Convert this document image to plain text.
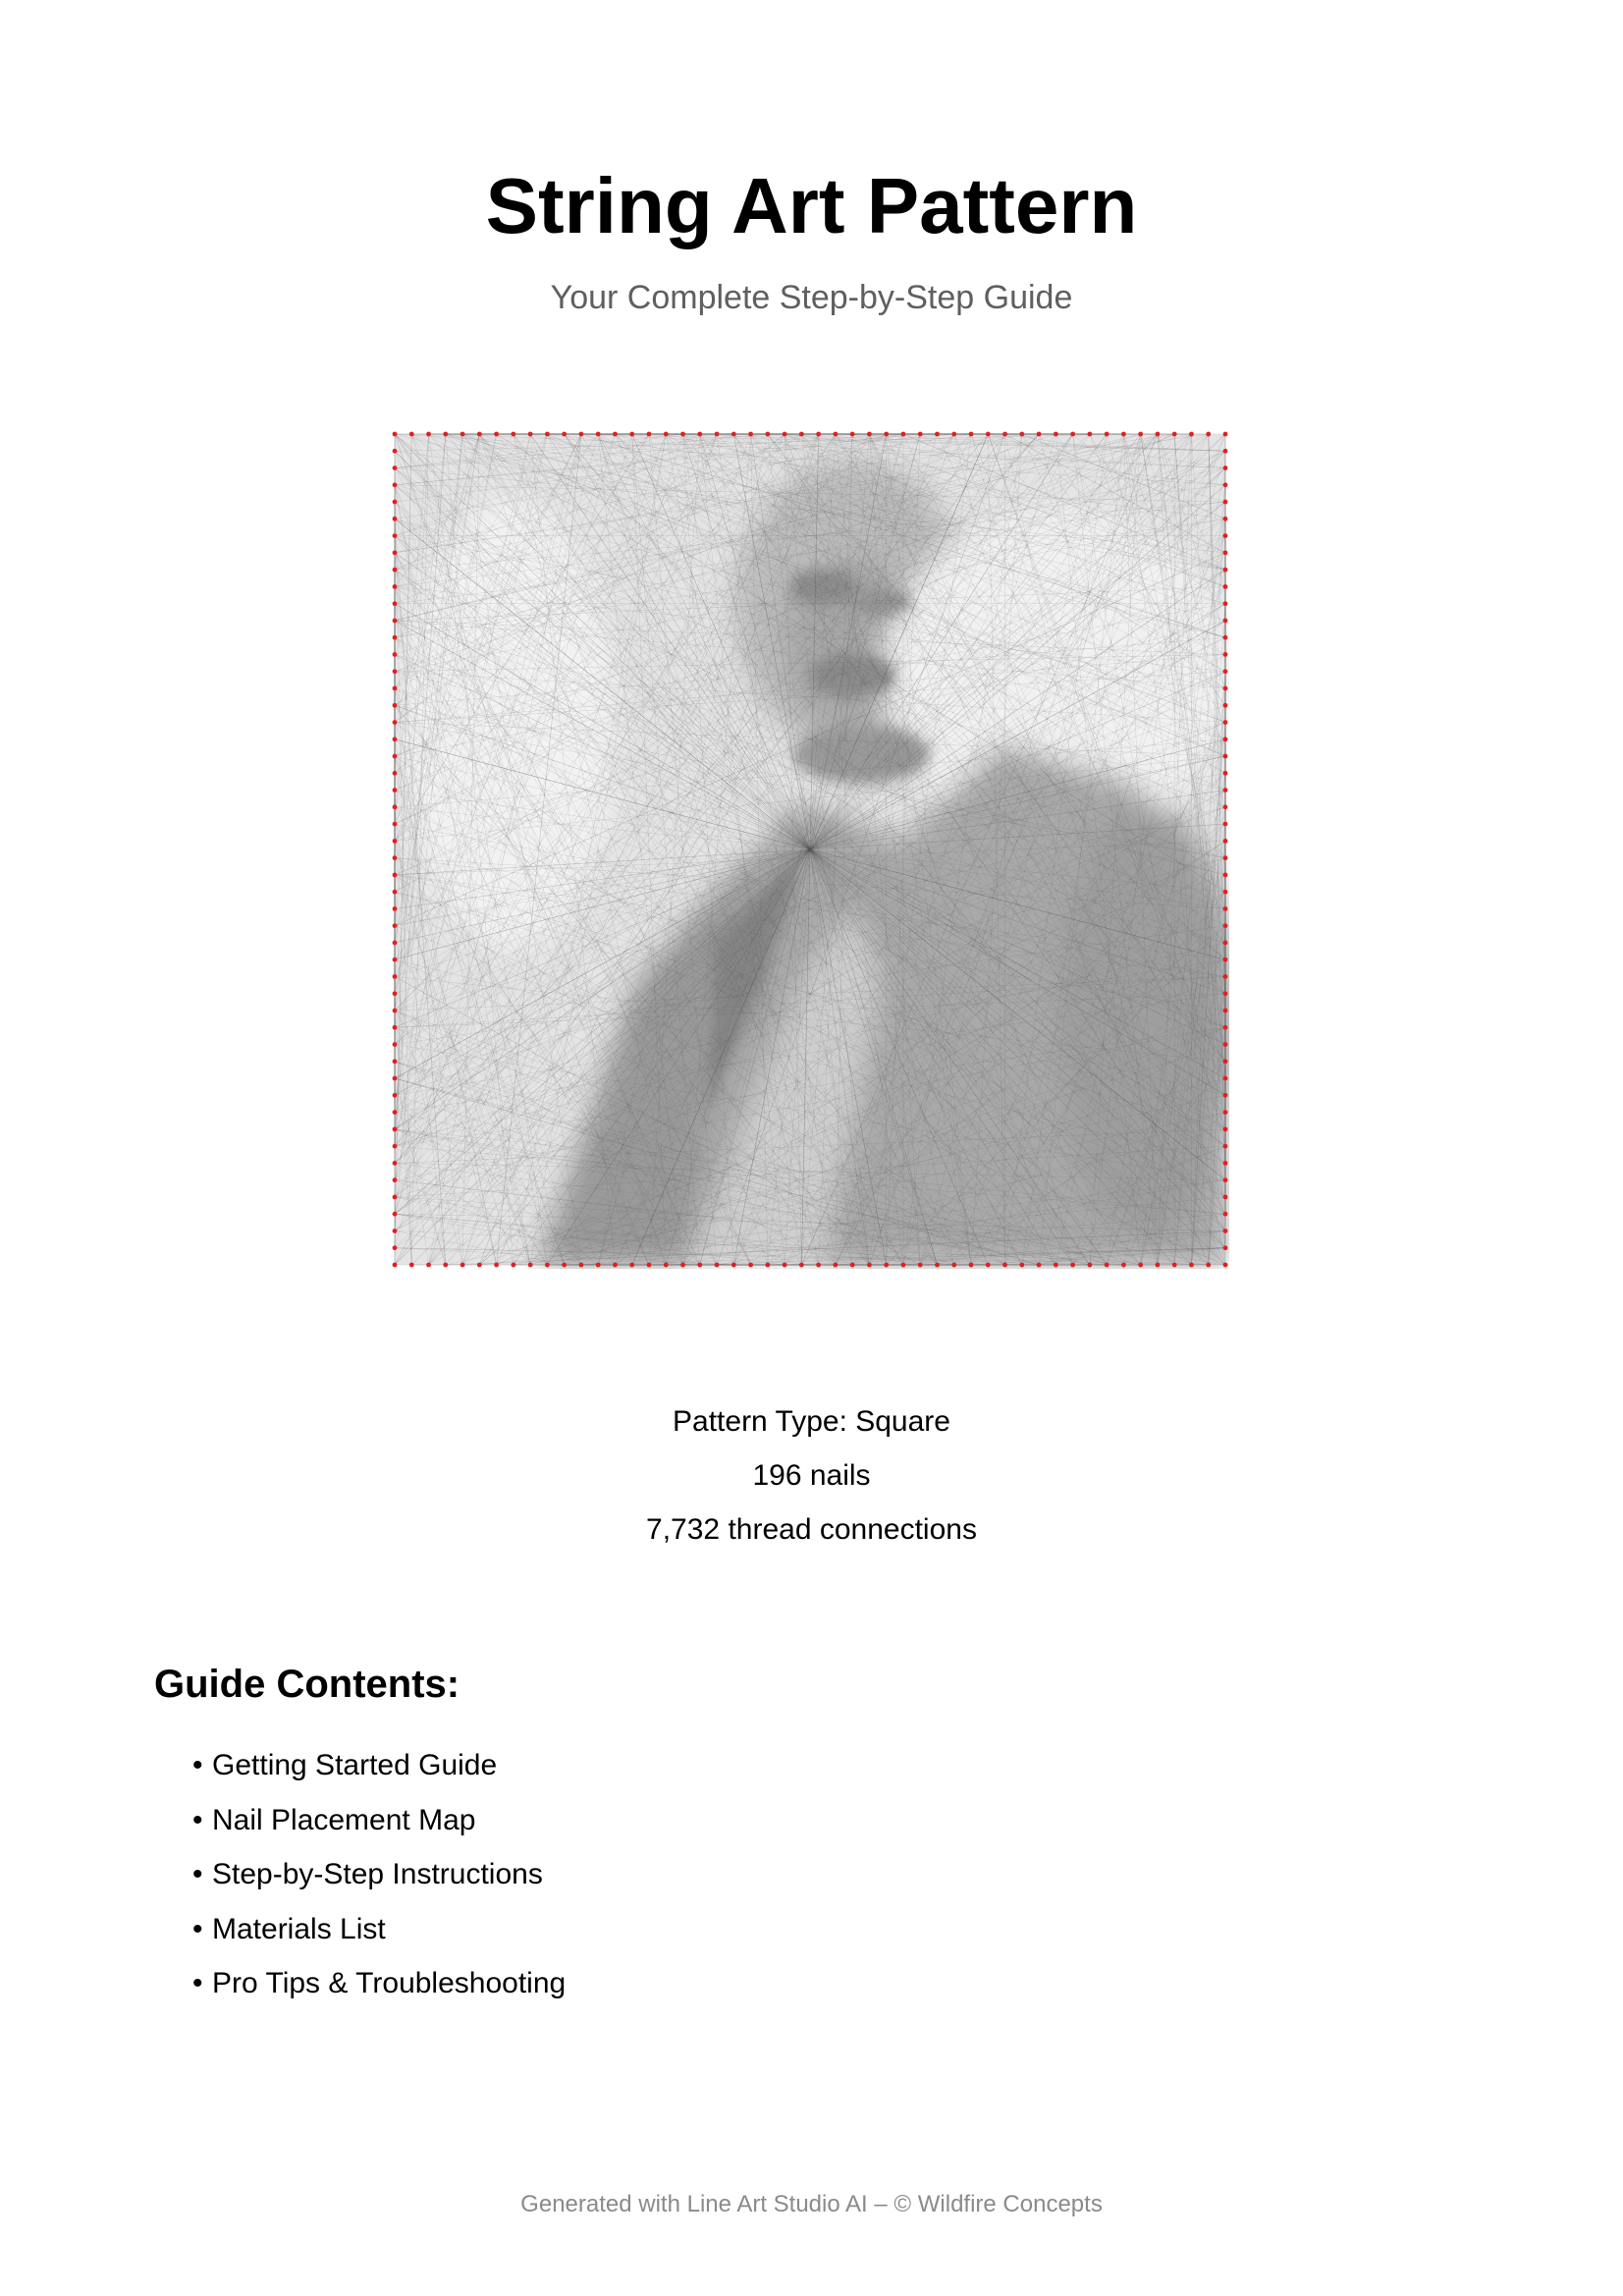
String Art Pattern
Your Complete Step-by-Step Guide
Pattern Type: Square
196 nails
7,732 thread connections
Guide Contents:
• Getting Started Guide
• Nail Placement Map
• Step-by-Step Instructions
• Materials List
• Pro Tips & Troubleshooting
Generated with Line Art Studio AI – © Wildfire Concepts
